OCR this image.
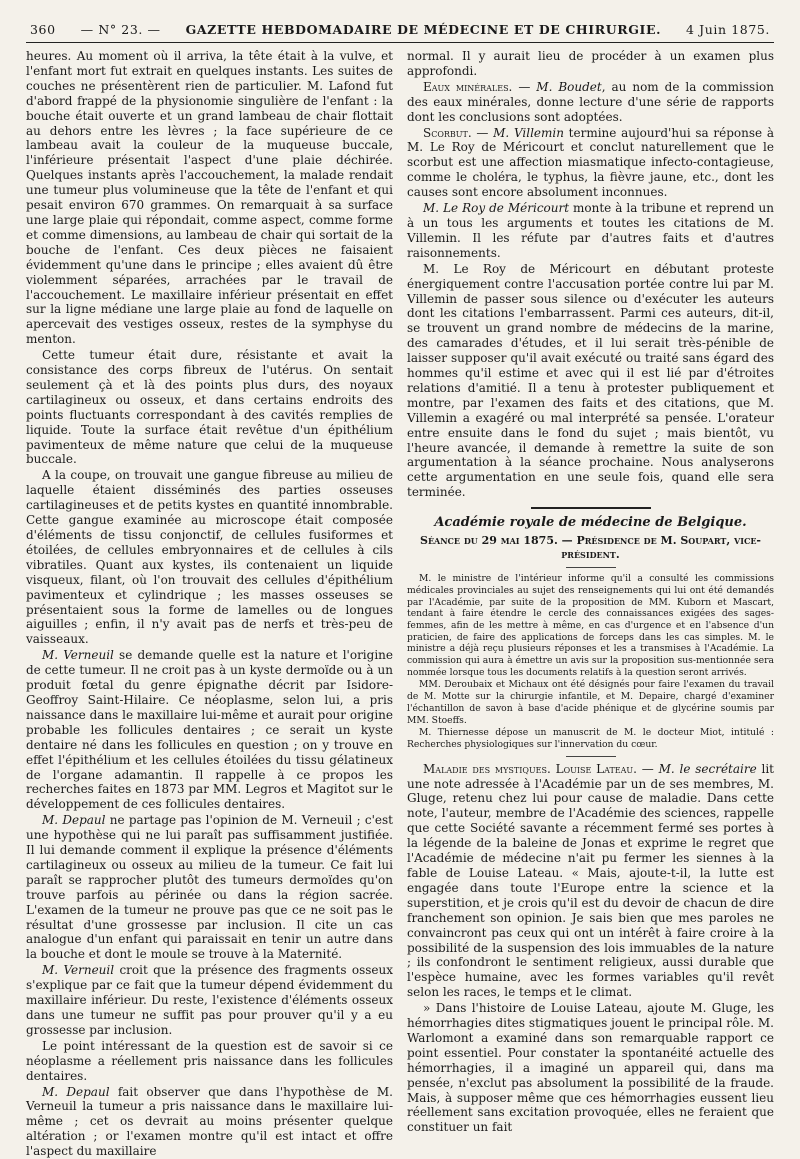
360 — N° 23. — GAZETTE HEBDOMADAIRE DE MÉDECINE ET DE CHIRURGIE. 4 Juin 1875.

heures. Au moment où il arriva, la tête était à la vulve, et l'enfant mort fut extrait en quelques instants. Les suites de couches ne présentèrent rien de particulier. M. Lafond fut d'abord frappé de la physionomie singulière de l'enfant : la bouche était ouverte et un grand lambeau de chair flottait au dehors entre les lèvres ; la face supérieure de ce lambeau avait la couleur de la muqueuse buccale, l'inférieure présentait l'aspect d'une plaie déchirée. Quelques instants après l'accouchement, la malade rendait une tumeur plus volumineuse que la tête de l'enfant et qui pesait environ 670 grammes. On remarquait à sa surface une large plaie qui répondait, comme aspect, comme forme et comme dimensions, au lambeau de chair qui sortait de la bouche de l'enfant. Ces deux pièces ne faisaient évidemment qu'une dans le principe ; elles avaient dû être violemment séparées, arrachées par le travail de l'accouchement. Le maxillaire inférieur présentait en effet sur la ligne médiane une large plaie au fond de laquelle on apercevait des vestiges osseux, restes de la symphyse du menton.

Cette tumeur était dure, résistante et avait la consistance des corps fibreux de l'utérus. On sentait seulement çà et là des points plus durs, des noyaux cartilagineux ou osseux, et dans certains endroits des points fluctuants correspondant à des cavités remplies de liquide. Toute la surface était revêtue d'un épithélium pavimenteux de même nature que celui de la muqueuse buccale.

A la coupe, on trouvait une gangue fibreuse au milieu de laquelle étaient disséminés des parties osseuses cartilagineuses et de petits kystes en quantité innombrable. Cette gangue examinée au microscope était composée d'éléments de tissu conjonctif, de cellules fusiformes et étoilées, de cellules embryonnaires et de cellules à cils vibratiles. Quant aux kystes, ils contenaient un liquide visqueux, filant, où l'on trouvait des cellules d'épithélium pavimenteux et cylindrique ; les masses osseuses se présentaient sous la forme de lamelles ou de longues aiguilles ; enfin, il n'y avait pas de nerfs et très-peu de vaisseaux.

M. Verneuil se demande quelle est la nature et l'origine de cette tumeur. Il ne croit pas à un kyste dermoïde ou à un produit fœtal du genre épignathe décrit par Isidore-Geoffroy Saint-Hilaire. Ce néoplasme, selon lui, a pris naissance dans le maxillaire lui-même et aurait pour origine probable les follicules dentaires ; ce serait un kyste dentaire né dans les follicules en question ; on y trouve en effet l'épithélium et les cellules étoilées du tissu gélatineux de l'organe adamantin. Il rappelle à ce propos les recherches faites en 1873 par MM. Legros et Magitot sur le développement de ces follicules dentaires.

M. Depaul ne partage pas l'opinion de M. Verneuil ; c'est une hypothèse qui ne lui paraît pas suffisamment justifiée. Il lui demande comment il explique la présence d'éléments cartilagineux ou osseux au milieu de la tumeur. Ce fait lui paraît se rapprocher plutôt des tumeurs dermoïdes qu'on trouve parfois au périnée ou dans la région sacrée. L'examen de la tumeur ne prouve pas que ce ne soit pas le résultat d'une grossesse par inclusion. Il cite un cas analogue d'un enfant qui paraissait en tenir un autre dans la bouche et dont le moule se trouve à la Maternité.

M. Verneuil croit que la présence des fragments osseux s'explique par ce fait que la tumeur dépend évidemment du maxillaire inférieur. Du reste, l'existence d'éléments osseux dans une tumeur ne suffit pas pour prouver qu'il y a eu grossesse par inclusion.

Le point intéressant de la question est de savoir si ce néoplasme a réellement pris naissance dans les follicules dentaires.

M. Depaul fait observer que dans l'hypothèse de M. Verneuil la tumeur a pris naissance dans le maxillaire lui-même ; cet os devrait au moins présenter quelque altération ; or l'examen montre qu'il est intact et offre l'aspect du maxillaire

normal. Il y aurait lieu de procéder à un examen plus approfondi.

Eaux minérales. — M. Boudet, au nom de la commission des eaux minérales, donne lecture d'une série de rapports dont les conclusions sont adoptées.

Scorbut. — M. Villemin termine aujourd'hui sa réponse à M. Le Roy de Méricourt et conclut naturellement que le scorbut est une affection miasmatique infecto-contagieuse, comme le choléra, le typhus, la fièvre jaune, etc., dont les causes sont encore absolument inconnues.

M. Le Roy de Méricourt monte à la tribune et reprend un à un tous les arguments et toutes les citations de M. Villemin. Il les réfute par d'autres faits et d'autres raisonnements.

M. Le Roy de Méricourt en débutant proteste énergiquement contre l'accusation portée contre lui par M. Villemin de passer sous silence ou d'exécuter les auteurs dont les citations l'embarrassent. Parmi ces auteurs, dit-il, se trouvent un grand nombre de médecins de la marine, des camarades d'études, et il lui serait très-pénible de laisser supposer qu'il avait exécuté ou traité sans égard des hommes qu'il estime et avec qui il est lié par d'étroites relations d'amitié. Il a tenu à protester publiquement et montre, par l'examen des faits et des citations, que M. Villemin a exagéré ou mal interprété sa pensée. L'orateur entre ensuite dans le fond du sujet ; mais bientôt, vu l'heure avancée, il demande à remettre la suite de son argumentation à la séance prochaine. Nous analyserons cette argumentation en une seule fois, quand elle sera terminée.

Académie royale de médecine de Belgique.
Séance du 29 mai 1875. — Présidence de M. Soupart, vice-président.

M. le ministre de l'intérieur informe qu'il a consulté les commissions médicales provinciales au sujet des renseignements qui lui ont été demandés par l'Académie, par suite de la proposition de MM. Kuborn et Mascart, tendant à faire étendre le cercle des connaissances exigées des sages-femmes, afin de les mettre à même, en cas d'urgence et en l'absence d'un praticien, de faire des applications de forceps dans les cas simples. M. le ministre a déjà reçu plusieurs réponses et les a transmises à l'Académie. La commission qui aura à émettre un avis sur la proposition sus-mentionnée sera nommée lorsque tous les documents relatifs à la question seront arrivés.

MM. Deroubaix et Michaux ont été désignés pour faire l'examen du travail de M. Motte sur la chirurgie infantile, et M. Depaire, chargé d'examiner l'échantillon de savon à base d'acide phénique et de glycérine soumis par MM. Stoeffs.

M. Thiernesse dépose un manuscrit de M. le docteur Miot, intitulé : Recherches physiologiques sur l'innervation du cœur.

Maladie des mystiques. Louise Lateau. — M. le secrétaire lit une note adressée à l'Académie par un de ses membres, M. Gluge, retenu chez lui pour cause de maladie. Dans cette note, l'auteur, membre de l'Académie des sciences, rappelle que cette Société savante a récemment fermé ses portes à la légende de la baleine de Jonas et exprime le regret que l'Académie de médecine n'ait pu fermer les siennes à la fable de Louise Lateau. « Mais, ajoute-t-il, la lutte est engagée dans toute l'Europe entre la science et la superstition, et je crois qu'il est du devoir de chacun de dire franchement son opinion. Je sais bien que mes paroles ne convaincront pas ceux qui ont un intérêt à faire croire à la possibilité de la suspension des lois immuables de la nature ; ils confondront le sentiment religieux, aussi durable que l'espèce humaine, avec les formes variables qu'il revêt selon les races, le temps et le climat.

» Dans l'histoire de Louise Lateau, ajoute M. Gluge, les hémorrhagies dites stigmatiques jouent le principal rôle. M. Warlomont a examiné dans son remarquable rapport ce point essentiel. Pour constater la spontanéité actuelle des hémorrhagies, il a imaginé un appareil qui, dans ma pensée, n'exclut pas absolument la possibilité de la fraude. Mais, à supposer même que ces hémorrhagies eussent lieu réellement sans excitation provoquée, elles ne feraient que constituer un fait
